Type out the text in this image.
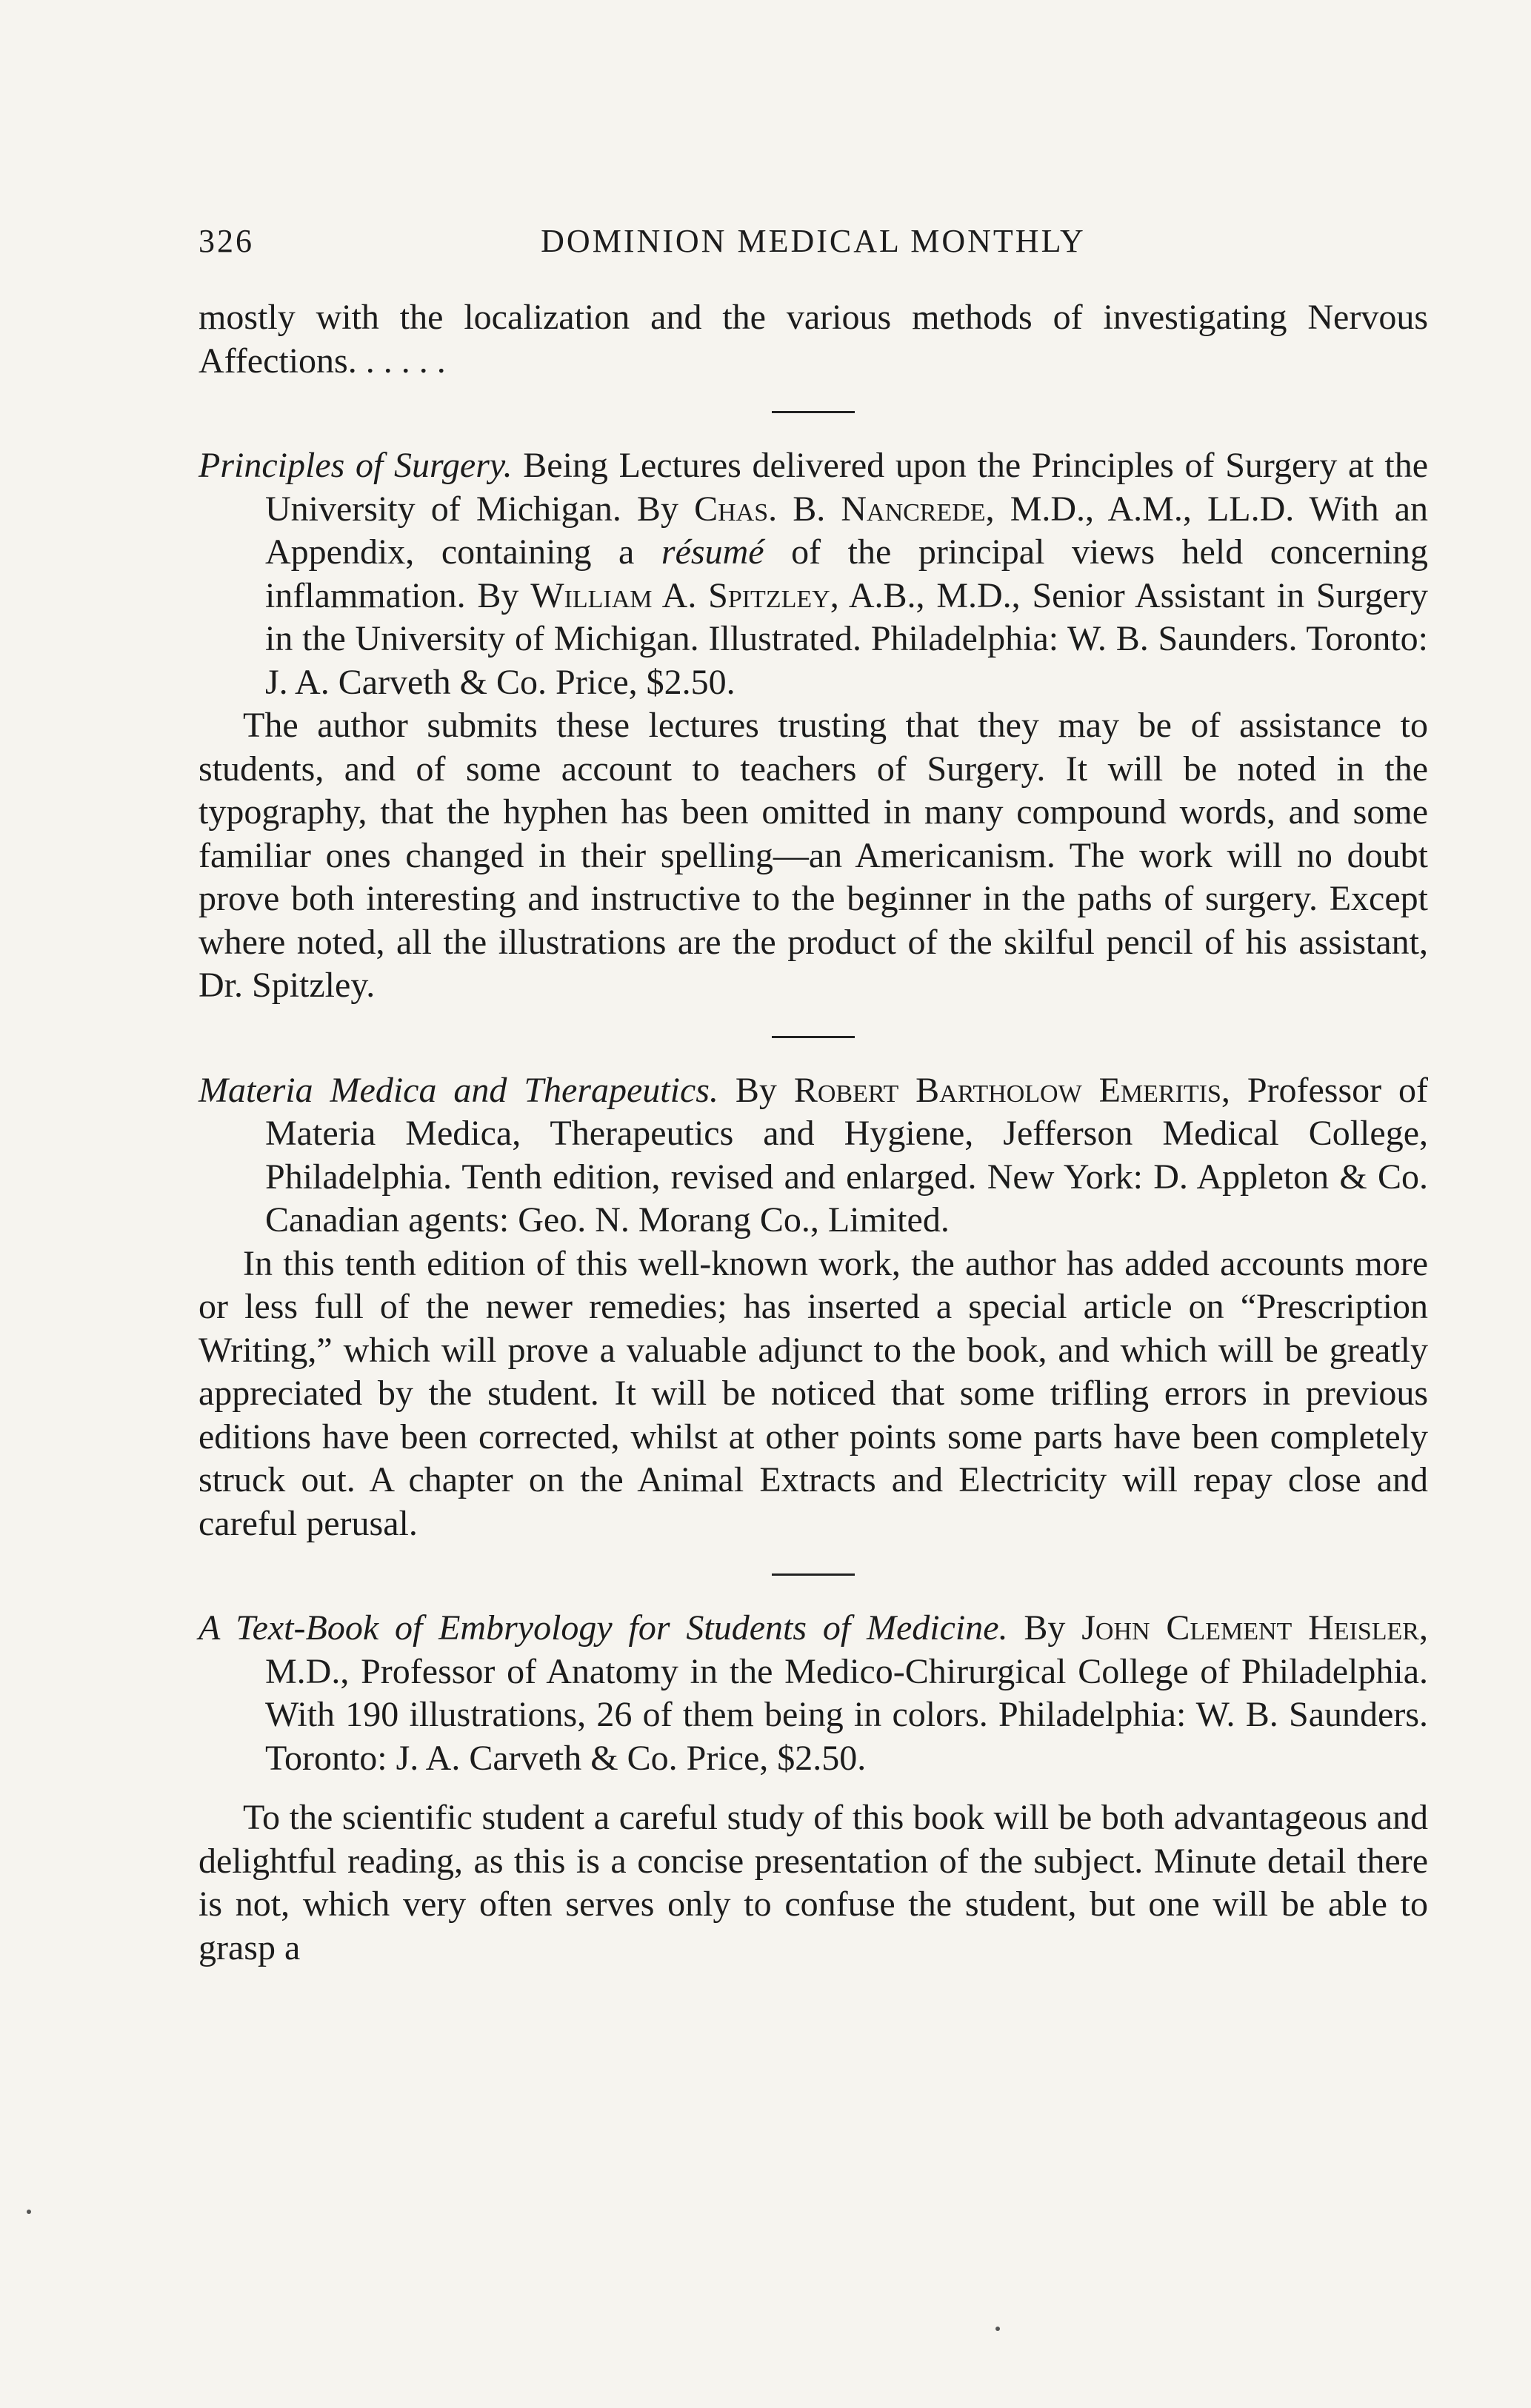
326	DOMINION MEDICAL MONTHLY

mostly with the localization and the various methods of investigating Nervous Affections. . . . . .

Principles of Surgery. Being Lectures delivered upon the Principles of Surgery at the University of Michigan. By Chas. B. Nancrede, M.D., A.M., LL.D. With an Appendix, containing a résumé of the principal views held concerning inflammation. By William A. Spitzley, A.B., M.D., Senior Assistant in Surgery in the University of Michigan. Illustrated. Philadelphia: W. B. Saunders. Toronto: J. A. Carveth & Co. Price, $2.50.

The author submits these lectures trusting that they may be of assistance to students, and of some account to teachers of Surgery. It will be noted in the typography, that the hyphen has been omitted in many compound words, and some familiar ones changed in their spelling—an Americanism. The work will no doubt prove both interesting and instructive to the beginner in the paths of surgery. Except where noted, all the illustrations are the product of the skilful pencil of his assistant, Dr. Spitzley.

Materia Medica and Therapeutics. By Robert Bartholow Emeritis, Professor of Materia Medica, Therapeutics and Hygiene, Jefferson Medical College, Philadelphia. Tenth edition, revised and enlarged. New York: D. Appleton & Co. Canadian agents: Geo. N. Morang Co., Limited.

In this tenth edition of this well-known work, the author has added accounts more or less full of the newer remedies; has inserted a special article on “Prescription Writing,” which will prove a valuable adjunct to the book, and which will be greatly appreciated by the student. It will be noticed that some trifling errors in previous editions have been corrected, whilst at other points some parts have been completely struck out. A chapter on the Animal Extracts and Electricity will repay close and careful perusal.

A Text-Book of Embryology for Students of Medicine. By John Clement Heisler, M.D., Professor of Anatomy in the Medico-Chirurgical College of Philadelphia. With 190 illustrations, 26 of them being in colors. Philadelphia: W. B. Saunders. Toronto: J. A. Carveth & Co. Price, $2.50.

To the scientific student a careful study of this book will be both advantageous and delightful reading, as this is a concise presentation of the subject. Minute detail there is not, which very often serves only to confuse the student, but one will be able to grasp a
